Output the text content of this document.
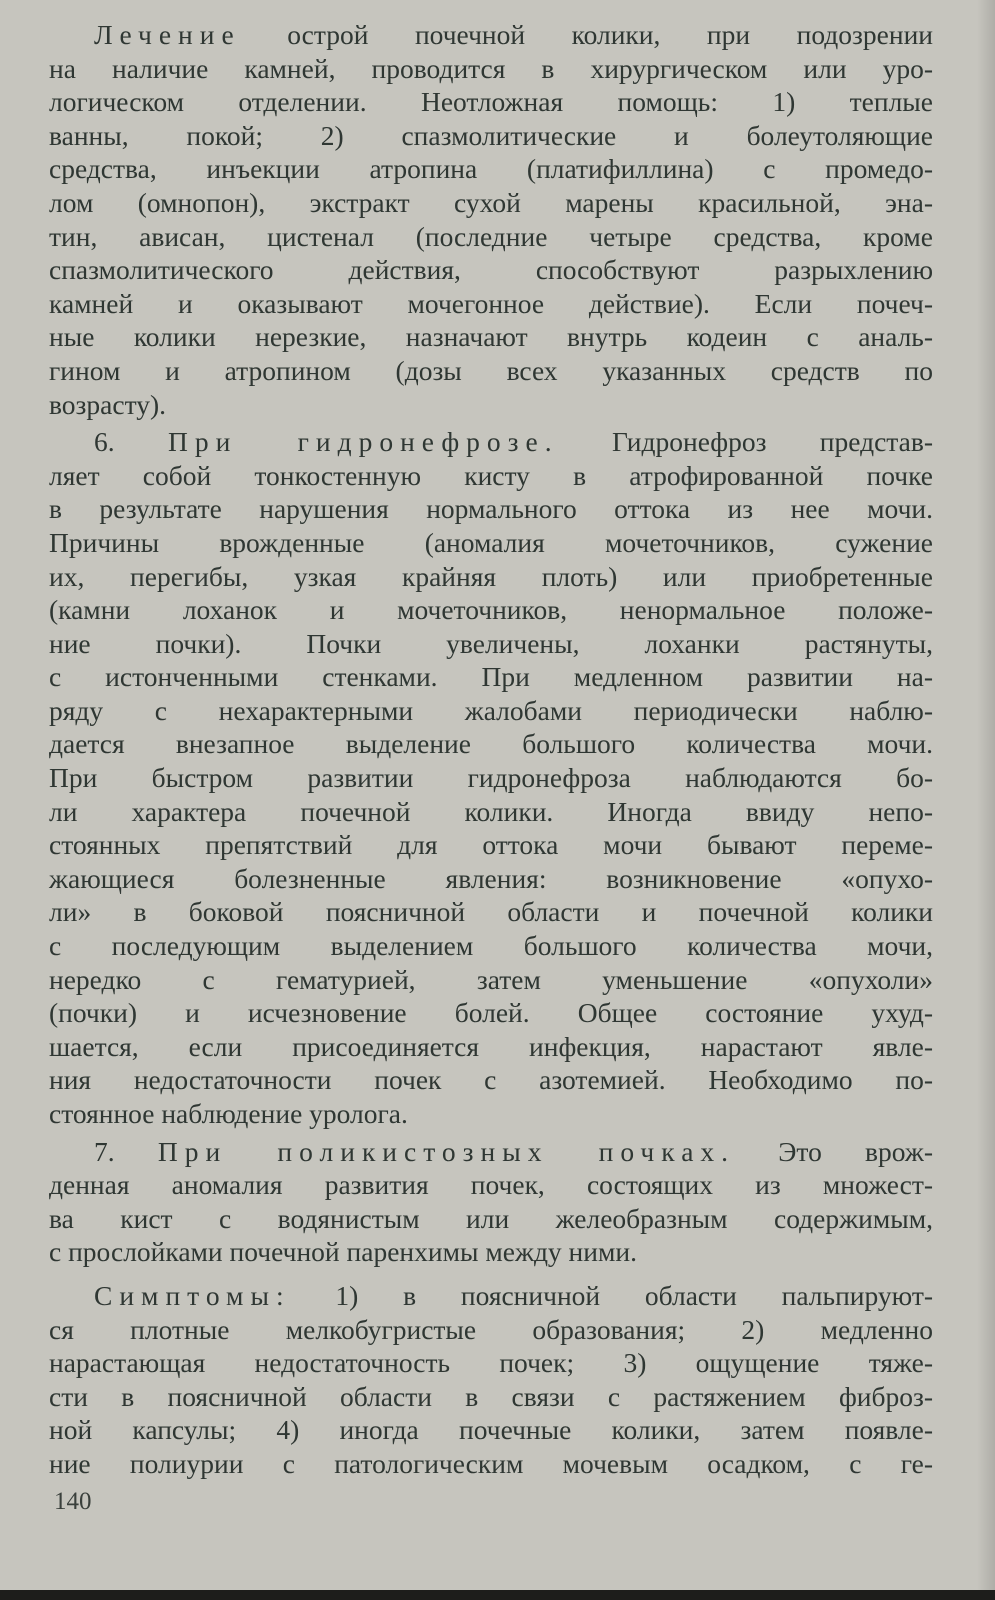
Лечение острой почечной колики, при подозрении
на наличие камней, проводится в хирургическом или уро-
логическом отделении. Неотложная помощь: 1) теплые
ванны, покой; 2) спазмолитические и болеутоляющие
средства, инъекции атропина (платифиллина) с промедо-
лом (омнопон), экстракт сухой марены красильной, эна-
тин, ависан, цистенал (последние четыре средства, кроме
спазмолитического действия, способствуют разрыхлению
камней и оказывают мочегонное действие). Если почеч-
ные колики нерезкие, назначают внутрь кодеин с аналь-
гином и атропином (дозы всех указанных средств по
возрасту).
6. При гидронефрозе. Гидронефроз представ-
ляет собой тонкостенную кисту в атрофированной почке
в результате нарушения нормального оттока из нее мочи.
Причины врожденные (аномалия мочеточников, сужение
их, перегибы, узкая крайняя плоть) или приобретенные
(камни лоханок и мочеточников, ненормальное положе-
ние почки). Почки увеличены, лоханки растянуты,
с истонченными стенками. При медленном развитии на-
ряду с нехарактерными жалобами периодически наблю-
дается внезапное выделение большого количества мочи.
При быстром развитии гидронефроза наблюдаются бо-
ли характера почечной колики. Иногда ввиду непо-
стоянных препятствий для оттока мочи бывают переме-
жающиеся болезненные явления: возникновение «опухо-
ли» в боковой поясничной области и почечной колики
с последующим выделением большого количества мочи,
нередко с гематурией, затем уменьшение «опухоли»
(почки) и исчезновение болей. Общее состояние ухуд-
шается, если присоединяется инфекция, нарастают явле-
ния недостаточности почек с азотемией. Необходимо по-
стоянное наблюдение уролога.
7. При поликистозных почках. Это врож-
денная аномалия развития почек, состоящих из множест-
ва кист с водянистым или желеобразным содержимым,
с прослойками почечной паренхимы между ними.
Симптомы: 1) в поясничной области пальпируют-
ся плотные мелкобугристые образования; 2) медленно
нарастающая недостаточность почек; 3) ощущение тяже-
сти в поясничной области в связи с растяжением фиброз-
ной капсулы; 4) иногда почечные колики, затем появле-
ние полиурии с патологическим мочевым осадком, с ге-
140
